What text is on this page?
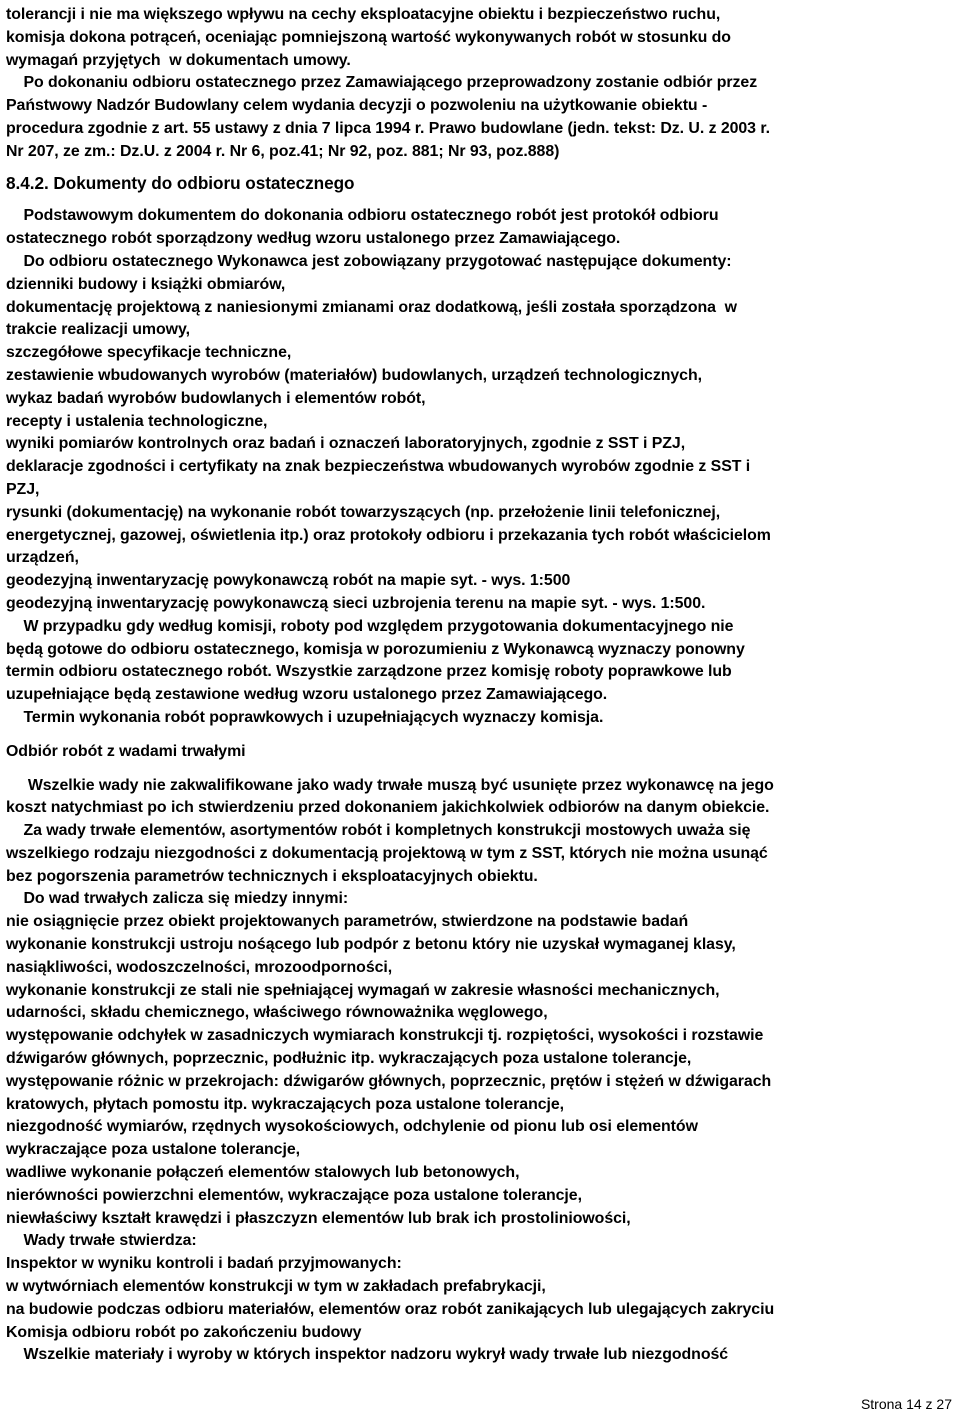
tolerancji i nie ma większego wpływu na cechy eksploatacyjne obiektu i bezpieczeństwo ruchu,
komisja dokona potrąceń, oceniając pomniejszoną wartość wykonywanych robót w stosunku do
wymagań przyjętych  w dokumentach umowy.
Po dokonaniu odbioru ostatecznego przez Zamawiającego przeprowadzony zostanie odbiór przez
Państwowy Nadzór Budowlany celem wydania decyzji o pozwoleniu na użytkowanie obiektu -
procedura zgodnie z art. 55 ustawy z dnia 7 lipca 1994 r. Prawo budowlane (jedn. tekst: Dz. U. z 2003 r.
Nr 207, ze zm.: Dz.U. z 2004 r. Nr 6, poz.41; Nr 92, poz. 881; Nr 93, poz.888)
8.4.2. Dokumenty do odbioru ostatecznego
Podstawowym dokumentem do dokonania odbioru ostatecznego robót jest protokół odbioru
ostatecznego robót sporządzony według wzoru ustalonego przez Zamawiającego.
Do odbioru ostatecznego Wykonawca jest zobowiązany przygotować następujące dokumenty:
dzienniki budowy i książki obmiarów,
dokumentację projektową z naniesionymi zmianami oraz dodatkową, jeśli została sporządzona  w
trakcie realizacji umowy,
szczegółowe specyfikacje techniczne,
zestawienie wbudowanych wyrobów (materiałów) budowlanych, urządzeń technologicznych,
wykaz badań wyrobów budowlanych i elementów robót,
recepty i ustalenia technologiczne,
wyniki pomiarów kontrolnych oraz badań i oznaczeń laboratoryjnych, zgodnie z SST i PZJ,
deklaracje zgodności i certyfikaty na znak bezpieczeństwa wbudowanych wyrobów zgodnie z SST i
PZJ,
rysunki (dokumentację) na wykonanie robót towarzyszących (np. przełożenie linii telefonicznej,
energetycznej, gazowej, oświetlenia itp.) oraz protokoły odbioru i przekazania tych robót właścicielom
urządzeń,
geodezyjną inwentaryzację powykonawczą robót na mapie syt. - wys. 1:500
geodezyjną inwentaryzację powykonawczą sieci uzbrojenia terenu na mapie syt. - wys. 1:500.
W przypadku gdy według komisji, roboty pod względem przygotowania dokumentacyjnego nie
będą gotowe do odbioru ostatecznego, komisja w porozumieniu z Wykonawcą wyznaczy ponowny
termin odbioru ostatecznego robót. Wszystkie zarządzone przez komisję roboty poprawkowe lub
uzupełniające będą zestawione według wzoru ustalonego przez Zamawiającego.
Termin wykonania robót poprawkowych i uzupełniających wyznaczy komisja.
Odbiór robót z wadami trwałymi
Wszelkie wady nie zakwalifikowane jako wady trwałe muszą być usunięte przez wykonawcę na jego
koszt natychmiast po ich stwierdzeniu przed dokonaniem jakichkolwiek odbiorów na danym obiekcie.
Za wady trwałe elementów, asortymentów robót i kompletnych konstrukcji mostowych uważa się
wszelkiego rodzaju niezgodności z dokumentacją projektową w tym z SST, których nie można usunąć
bez pogorszenia parametrów technicznych i eksploatacyjnych obiektu.
Do wad trwałych zalicza się miedzy innymi:
nie osiągnięcie przez obiekt projektowanych parametrów, stwierdzone na podstawie badań
wykonanie konstrukcji ustroju nośącego lub podpór z betonu który nie uzyskał wymaganej klasy,
nasiąkliwości, wodoszczelności, mrozoodporności,
wykonanie konstrukcji ze stali nie spełniającej wymagań w zakresie własności mechanicznych,
udarności, składu chemicznego, właściwego równoważnika węglowego,
występowanie odchyłek w zasadniczych wymiarach konstrukcji tj. rozpiętości, wysokości i rozstawie
dźwigarów głównych, poprzecznic, podłużnic itp. wykraczających poza ustalone tolerancje,
występowanie różnic w przekrojach: dźwigarów głównych, poprzecznic, prętów i stężeń w dźwigarach
kratowych, płytach pomostu itp. wykraczających poza ustalone tolerancje,
niezgodność wymiarów, rzędnych wysokościowych, odchylenie od pionu lub osi elementów
wykraczające poza ustalone tolerancje,
wadliwe wykonanie połączeń elementów stalowych lub betonowych,
nierówności powierzchni elementów, wykraczające poza ustalone tolerancje,
niewłaściwy kształt krawędzi i płaszczyzn elementów lub brak ich prostoliniowości,
Wady trwałe stwierdza:
Inspektor w wyniku kontroli i badań przyjmowanych:
w wytwórniach elementów konstrukcji w tym w zakładach prefabrykacji,
na budowie podczas odbioru materiałów, elementów oraz robót zanikających lub ulegających zakryciu
Komisja odbioru robót po zakończeniu budowy
Wszelkie materiały i wyroby w których inspektor nadzoru wykrył wady trwałe lub niezgodność
Strona 14 z 27
